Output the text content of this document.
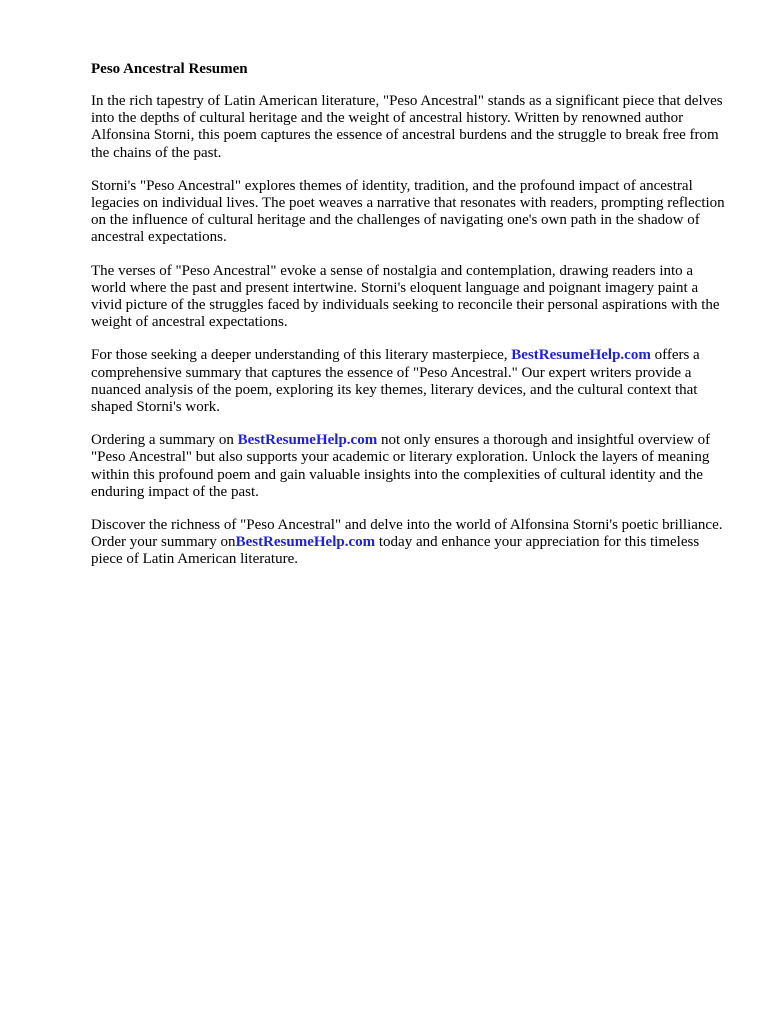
Peso Ancestral Resumen

In the rich tapestry of Latin American literature, "Peso Ancestral" stands as a significant piece that delves into the depths of cultural heritage and the weight of ancestral history. Written by renowned author Alfonsina Storni, this poem captures the essence of ancestral burdens and the struggle to break free from the chains of the past.

Storni's "Peso Ancestral" explores themes of identity, tradition, and the profound impact of ancestral legacies on individual lives. The poet weaves a narrative that resonates with readers, prompting reflection on the influence of cultural heritage and the challenges of navigating one's own path in the shadow of ancestral expectations.

The verses of "Peso Ancestral" evoke a sense of nostalgia and contemplation, drawing readers into a world where the past and present intertwine. Storni's eloquent language and poignant imagery paint a vivid picture of the struggles faced by individuals seeking to reconcile their personal aspirations with the weight of ancestral expectations.

For those seeking a deeper understanding of this literary masterpiece, BestResumeHelp.com offers a comprehensive summary that captures the essence of "Peso Ancestral." Our expert writers provide a nuanced analysis of the poem, exploring its key themes, literary devices, and the cultural context that shaped Storni's work.

Ordering a summary on BestResumeHelp.com not only ensures a thorough and insightful overview of "Peso Ancestral" but also supports your academic or literary exploration. Unlock the layers of meaning within this profound poem and gain valuable insights into the complexities of cultural identity and the enduring impact of the past.

Discover the richness of "Peso Ancestral" and delve into the world of Alfonsina Storni's poetic brilliance. Order your summary onBestResumeHelp.com today and enhance your appreciation for this timeless piece of Latin American literature.
